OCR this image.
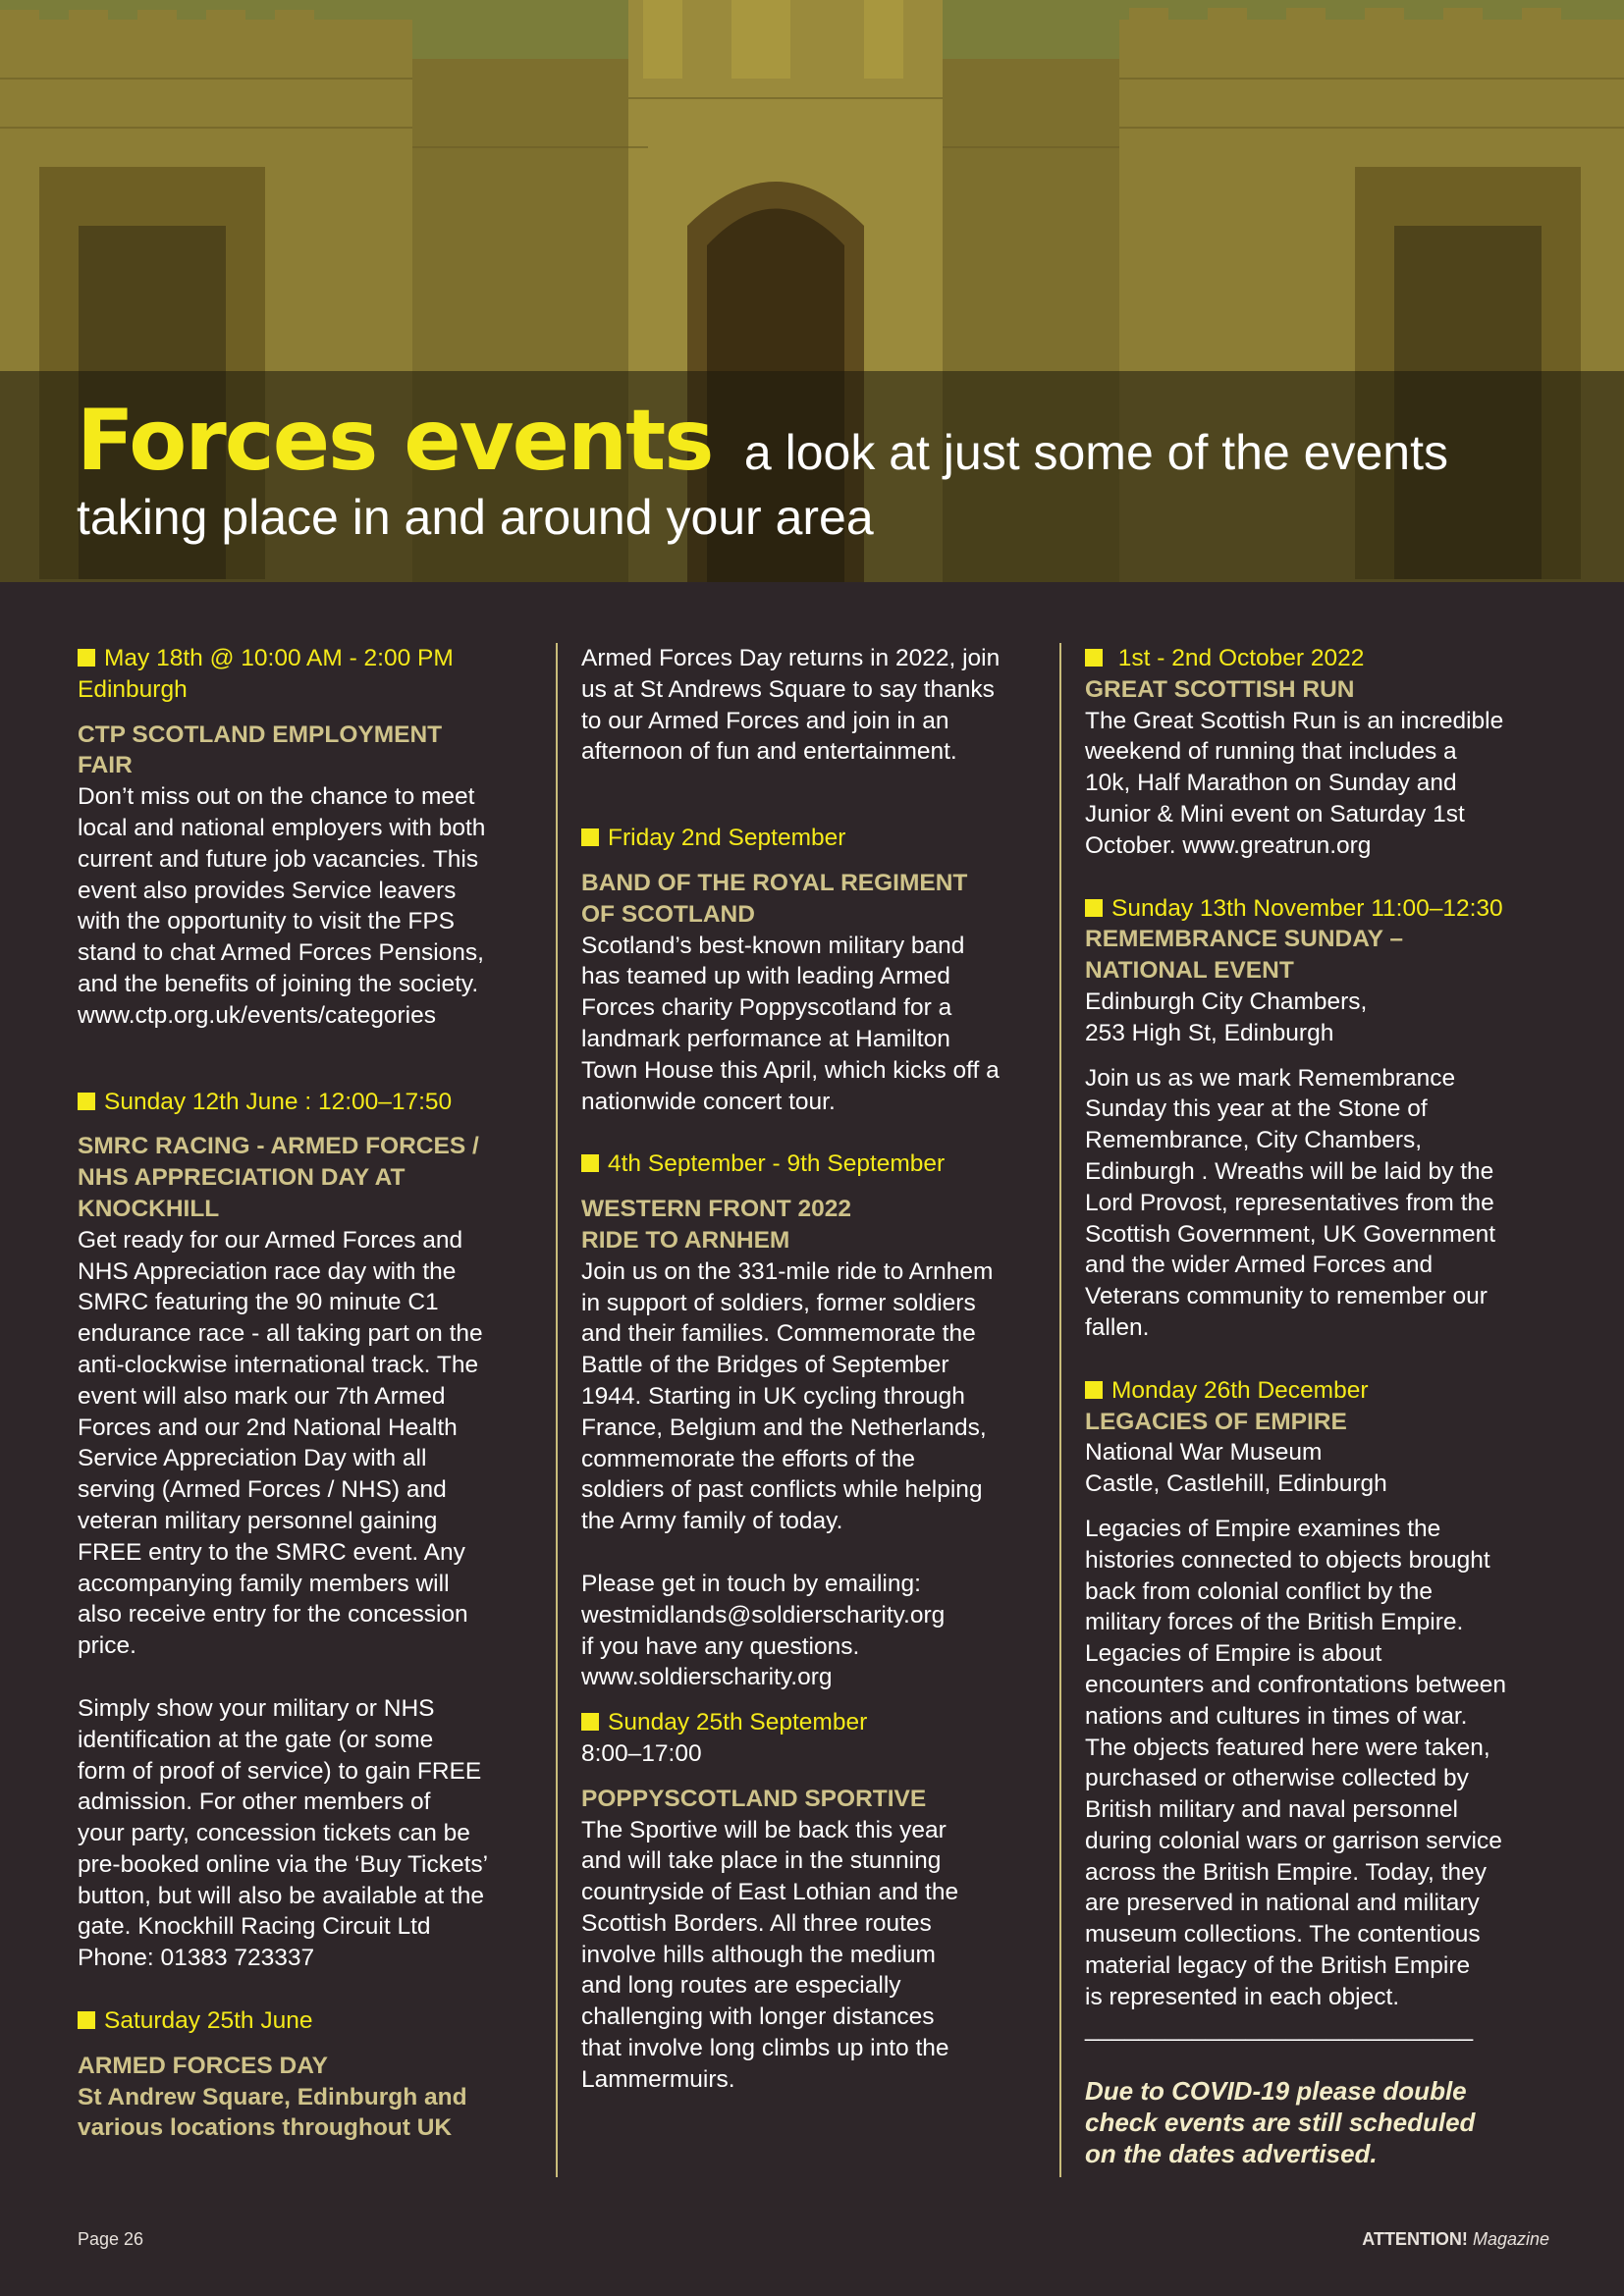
Forces events a look at just some of the events
taking place in and around your area
May 18th @ 10:00 AM - 2:00 PM
Edinburgh
CTP SCOTLAND EMPLOYMENT
FAIR

Don’t miss out on the chance to meet
local and national employers with both
current and future job vacancies. This
event also provides Service leavers
with the opportunity to visit the FPS
stand to chat Armed Forces Pensions,
and the benefits of joining the society.
www.ctp.org.uk/events/categories

Sunday 12th June : 12:00–17:50
SMRC RACING - ARMED FORCES /
NHS APPRECIATION DAY AT
KNOCKHILL

Get ready for our Armed Forces and
NHS Appreciation race day with the
SMRC featuring the 90 minute C1
endurance race - all taking part on the
anti-clockwise international track. The
event will also mark our 7th Armed
Forces and our 2nd National Health
Service Appreciation Day with all
serving (Armed Forces / NHS) and
veteran military personnel gaining
FREE entry to the SMRC event. Any
accompanying family members will
also receive entry for the concession
price.

Simply show your military or NHS
identification at the gate (or some
form of proof of service) to gain FREE
admission. For other members of
your party, concession tickets can be
pre-booked online via the ‘Buy Tickets’
button, but will also be available at the
gate. Knockhill Racing Circuit Ltd
Phone: 01383 723337

Saturday 25th June
ARMED FORCES DAY
St Andrew Square, Edinburgh and
various locations throughout UK

Armed Forces Day returns in 2022, join
us at St Andrews Square to say thanks
to our Armed Forces and join in an
afternoon of fun and entertainment.

Friday 2nd September
BAND OF THE ROYAL REGIMENT
OF SCOTLAND

Scotland’s best-known military band
has teamed up with leading Armed
Forces charity Poppyscotland for a
landmark performance at Hamilton
Town House this April, which kicks off a
nationwide concert tour.

4th September - 9th September
WESTERN FRONT 2022
RIDE TO ARNHEM

Join us on the 331-mile ride to Arnhem
in support of soldiers, former soldiers
and their families. Commemorate the
Battle of the Bridges of September
1944. Starting in UK cycling through
France, Belgium and the Netherlands,
commemorate the efforts of the
soldiers of past conflicts while helping
the Army family of today.

Please get in touch by emailing:
westmidlands@soldierscharity.org
if you have any questions.
www.soldierscharity.org

Sunday 25th September

8:00–17:00

POPPYSCOTLAND SPORTIVE

The Sportive will be back this year
and will take place in the stunning
countryside of East Lothian and the
Scottish Borders. All three routes
involve hills although the medium
and long routes are especially
challenging with longer distances
that involve long climbs up into the
Lammermuirs.

1st - 2nd October 2022
GREAT SCOTTISH RUN

The Great Scottish Run is an incredible
weekend of running that includes a
10k, Half Marathon on Sunday and
Junior & Mini event on Saturday 1st
October. www.greatrun.org

Sunday 13th November 11:00–12:30
REMEMBRANCE SUNDAY –
NATIONAL EVENT

Edinburgh City Chambers,
253 High St, Edinburgh

Join us as we mark Remembrance
Sunday this year at the Stone of
Remembrance, City Chambers,
Edinburgh . Wreaths will be laid by the
Lord Provost, representatives from the
Scottish Government, UK Government
and the wider Armed Forces and
Veterans community to remember our
fallen.

Monday 26th December
LEGACIES OF EMPIRE

National War Museum
Castle, Castlehill, Edinburgh

Legacies of Empire examines the
histories connected to objects brought
back from colonial conflict by the
military forces of the British Empire.
Legacies of Empire is about
encounters and confrontations between
nations and cultures in times of war.
The objects featured here were taken,
purchased or otherwise collected by
British military and naval personnel
during colonial wars or garrison service
across the British Empire. Today, they
are preserved in national and military
museum collections. The contentious
material legacy of the British Empire
is represented in each object.

_____________________________

Due to COVID-19 please double
check events are still scheduled
on the dates advertised.
Page 26	ATTENTION! Magazine
